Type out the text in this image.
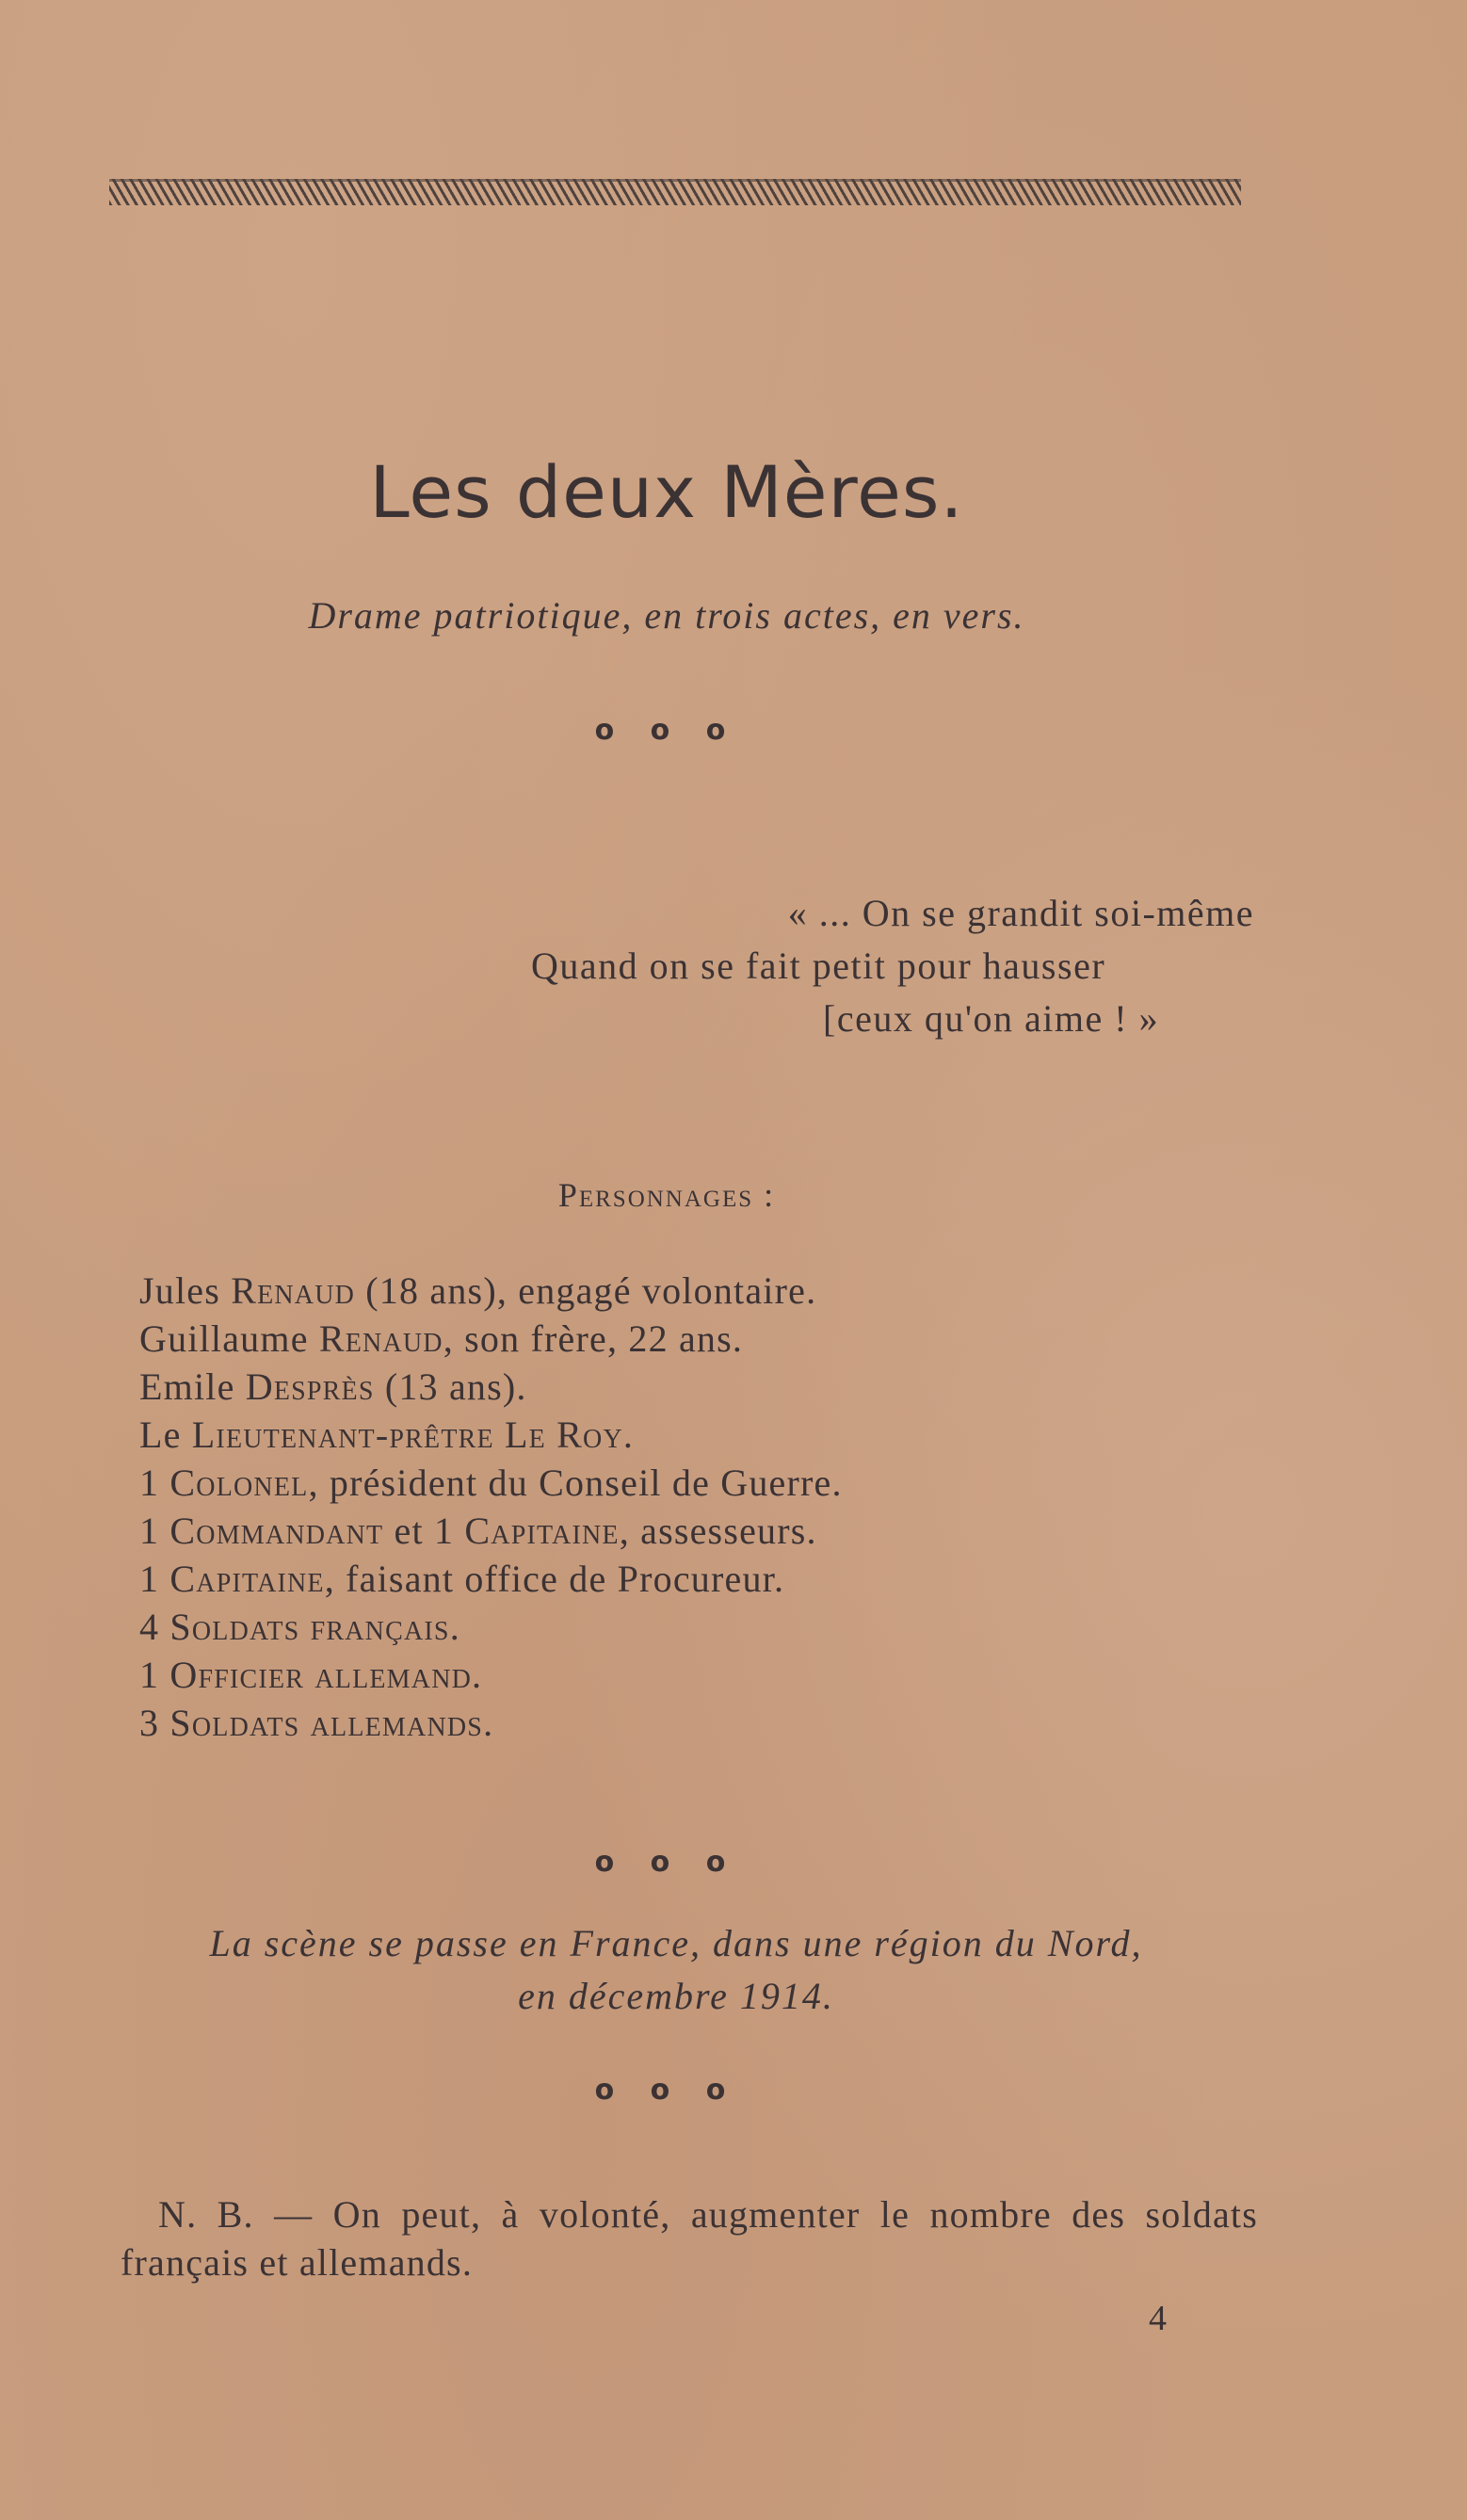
Les deux Mères.
Drame patriotique, en trois actes, en vers.
o o o
« ... On se grandit soi-même
Quand on se fait petit pour hausser
[ceux qu'on aime ! »
Personnages :
Jules Renaud (18 ans), engagé volontaire.
Guillaume Renaud, son frère, 22 ans.
Emile Desprès (13 ans).
Le Lieutenant-prêtre Le Roy.
1 Colonel, président du Conseil de Guerre.
1 Commandant et 1 Capitaine, assesseurs.
1 Capitaine, faisant office de Procureur.
4 Soldats français.
1 Officier allemand.
3 Soldats allemands.
o o o
La scène se passe en France, dans une région du Nord,
en décembre 1914.
o o o
N. B. — On peut, à volonté, augmenter le nombre des soldats français et allemands.
4
